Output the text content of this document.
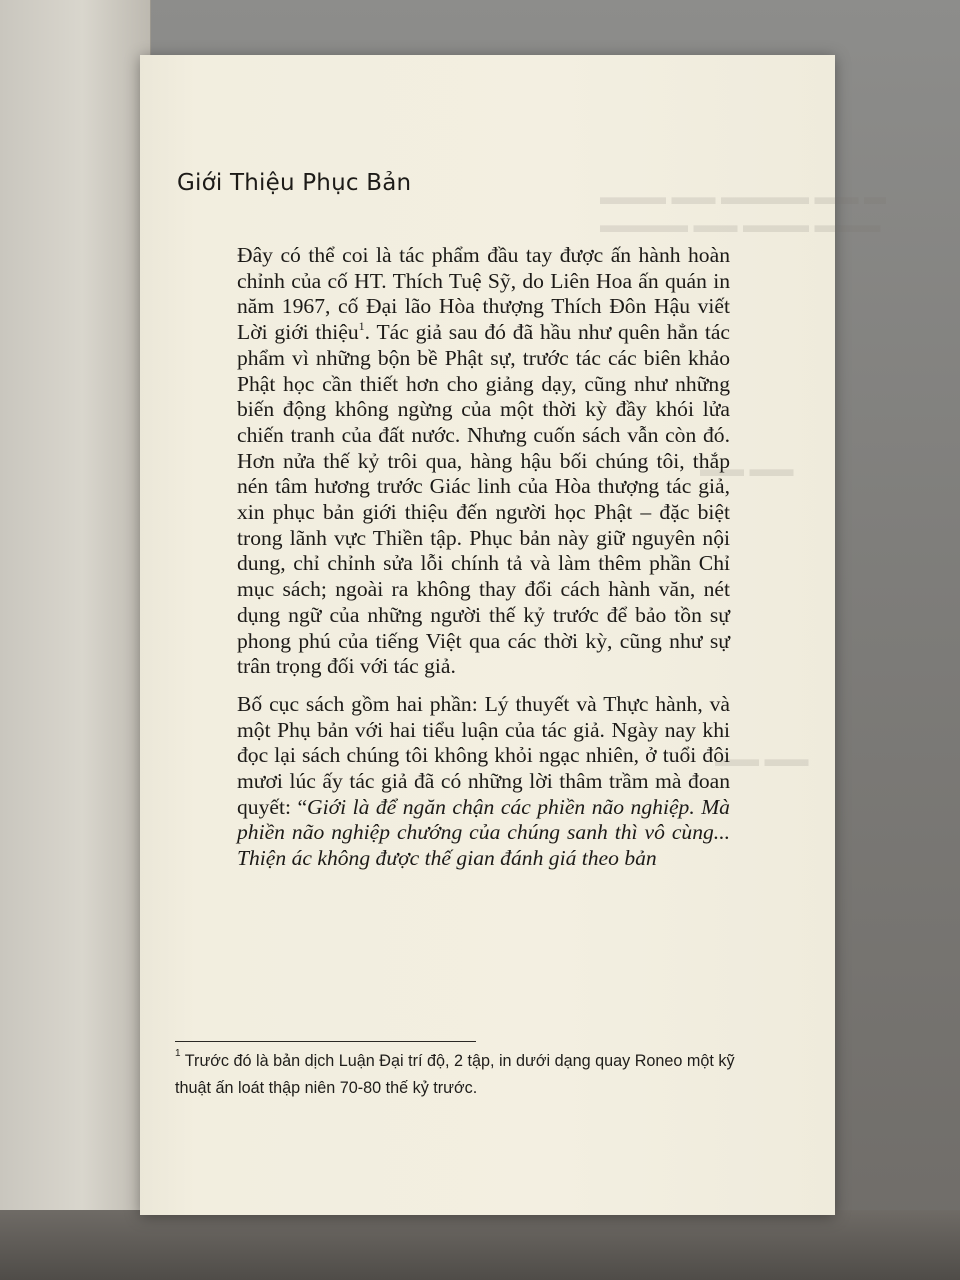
▬▬▬ ▬▬ ▬▬▬▬ ▬▬ ▬
▬▬▬▬ ▬▬ ▬▬▬ ▬▬▬
▬▬ ▬▬
▬▬ ▬▬
Giới Thiệu Phục Bản

Đây có thể coi là tác phẩm đầu tay được ấn hành hoàn chỉnh của cố HT. Thích Tuệ Sỹ, do Liên Hoa ấn quán in năm 1967, cố Đại lão Hòa thượng Thích Đôn Hậu viết Lời giới thiệu$^1$. Tác giả sau đó đã hầu như quên hẳn tác phẩm vì những bộn bề Phật sự, trước tác các biên khảo Phật học cần thiết hơn cho giảng dạy, cũng như những biến động không ngừng của một thời kỳ đầy khói lửa chiến tranh của đất nước. Nhưng cuốn sách vẫn còn đó. Hơn nửa thế kỷ trôi qua, hàng hậu bối chúng tôi, thắp nén tâm hương trước Giác linh của Hòa thượng tác giả, xin phục bản giới thiệu đến người học Phật – đặc biệt trong lãnh vực Thiền tập. Phục bản này giữ nguyên nội dung, chỉ chỉnh sửa lỗi chính tả và làm thêm phần Chỉ mục sách; ngoài ra không thay đổi cách hành văn, nét dụng ngữ của những người thế kỷ trước để bảo tồn sự phong phú của tiếng Việt qua các thời kỳ, cũng như sự trân trọng đối với tác giả.

Bố cục sách gồm hai phần: Lý thuyết và Thực hành, và một Phụ bản với hai tiểu luận của tác giả. Ngày nay khi đọc lại sách chúng tôi không khỏi ngạc nhiên, ở tuổi đôi mươi lúc ấy tác giả đã có những lời thâm trầm mà đoan quyết: “Giới là để ngăn chận các phiền não nghiệp. Mà phiền não nghiệp chướng của chúng sanh thì vô cùng... Thiện ác không được thế gian đánh giá theo bản

$^1$ Trước đó là bản dịch Luận Đại trí độ, 2 tập, in dưới dạng quay Roneo một kỹ thuật ấn loát thập niên 70-80 thế kỷ trước.
